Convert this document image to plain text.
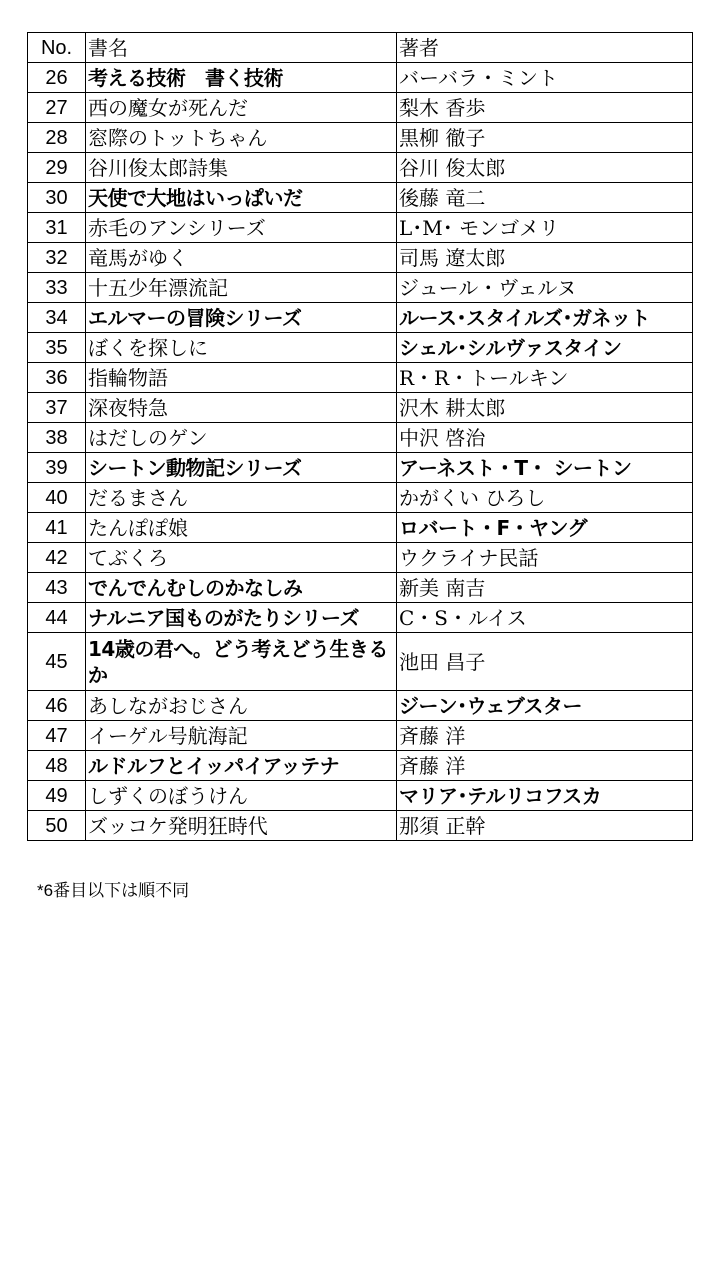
No.	書名	著者
26	考える技術　書く技術	バーバラ・ミント
27	西の魔女が死んだ	梨木 香歩
28	窓際のトットちゃん	黒柳 徹子
29	谷川俊太郎詩集	谷川 俊太郎
30	天使で大地はいっぱいだ	後藤 竜二
31	赤毛のアンシリーズ	L･M･ モンゴメリ
32	竜馬がゆく	司馬 遼太郎
33	十五少年漂流記	ジュール・ヴェルヌ
34	エルマーの冒険シリーズ	ルース･スタイルズ･ガネット
35	ぼくを探しに	シェル･シルヴァスタイン
36	指輪物語	R・R・トールキン
37	深夜特急	沢木 耕太郎
38	はだしのゲン	中沢 啓治
39	シートン動物記シリーズ	アーネスト・T・ シートン
40	だるまさん	かがくい ひろし
41	たんぽぽ娘	ロバート・F・ヤング
42	てぶくろ	ウクライナ民話
43	でんでんむしのかなしみ	新美 南吉
44	ナルニア国ものがたりシリーズ	C・S・ルイス
45	14歳の君へ。どう考えどう生きるか	池田 昌子
46	あしながおじさん	ジーン･ウェブスター
47	イーゲル号航海記	斉藤 洋
48	ルドルフとイッパイアッテナ	斉藤 洋
49	しずくのぼうけん	マリア･テルリコフスカ
50	ズッコケ発明狂時代	那須 正幹
*6番目以下は順不同
